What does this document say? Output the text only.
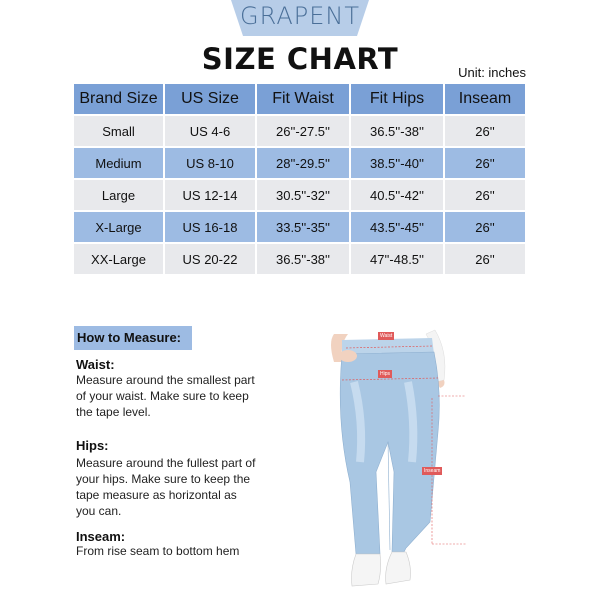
GRAPENT
SIZE CHART	Unit: inches
Brand Size	US Size	Fit Waist	Fit Hips	Inseam
Small	US 4-6	26''-27.5''	36.5''-38''	26''
Medium	US 8-10	28''-29.5''	38.5''-40''	26''
Large	US 12-14	30.5''-32''	40.5''-42''	26''
X-Large	US 16-18	33.5''-35''	43.5''-45''	26''
XX-Large	US 20-22	36.5''-38''	47''-48.5''	26''
How to Measure:
Waist:
Measure around the smallest part of your waist. Make sure to keep the tape level.
Hips:
Measure around the fullest part of your hips. Make sure to keep the tape measure as horizontal as you can.
Inseam:
From rise seam to bottom hem
Waist
Hips
Inseam
